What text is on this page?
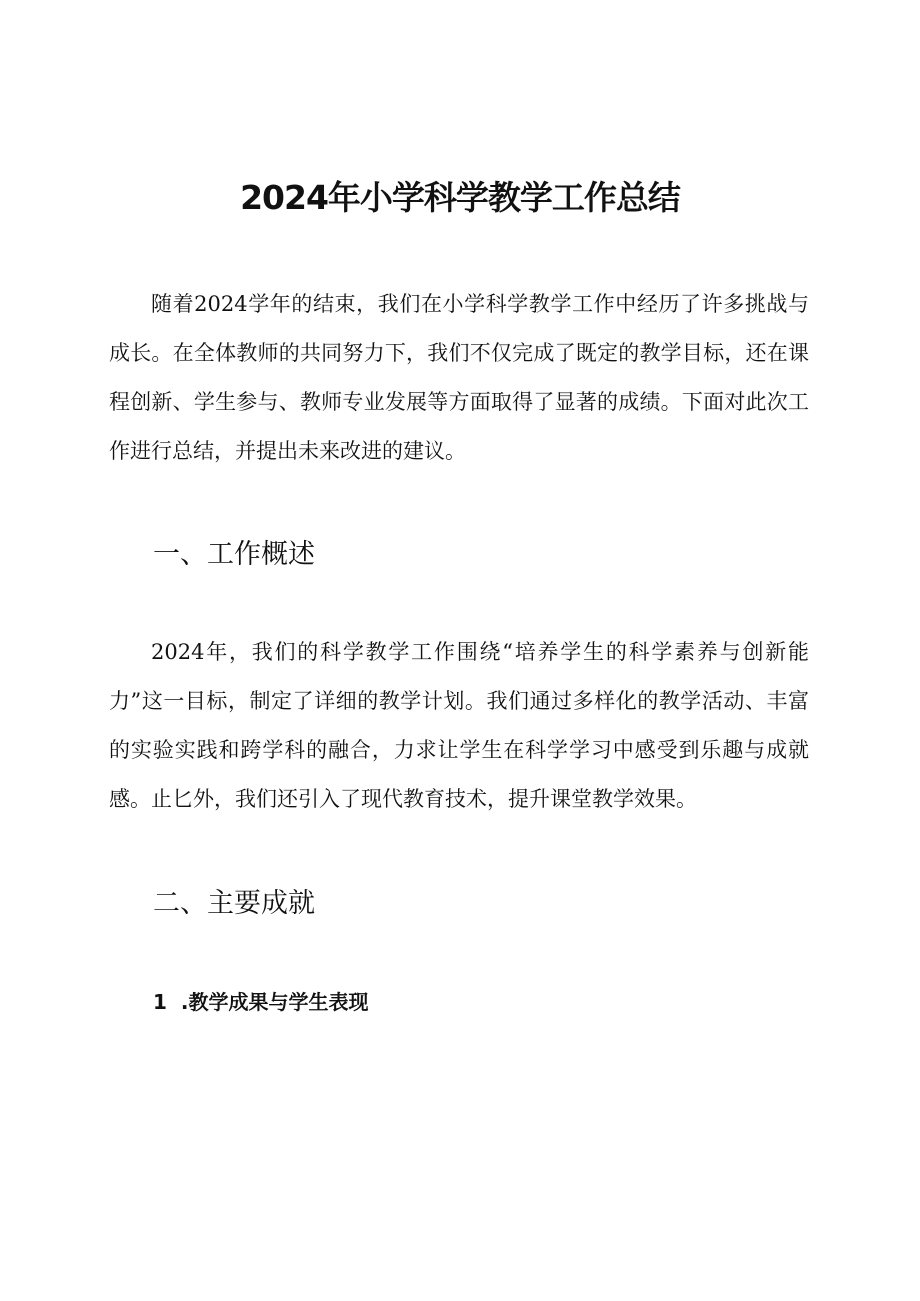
2024年小学科学教学工作总结

随着2024学年的结束，我们在小学科学教学工作中经历了许多挑战与成长。在全体教师的共同努力下，我们不仅完成了既定的教学目标，还在课程创新、学生参与、教师专业发展等方面取得了显著的成绩。下面对此次工作进行总结，并提出未来改进的建议。

一、工作概述

2024年，我们的科学教学工作围绕“培养学生的科学素养与创新能力”这一目标，制定了详细的教学计划。我们通过多样化的教学活动、丰富的实验实践和跨学科的融合，力求让学生在科学学习中感受到乐趣与成就感。止匕外，我们还引入了现代教育技术，提升课堂教学效果。

二、主要成就
1 .教学成果与学生表现
